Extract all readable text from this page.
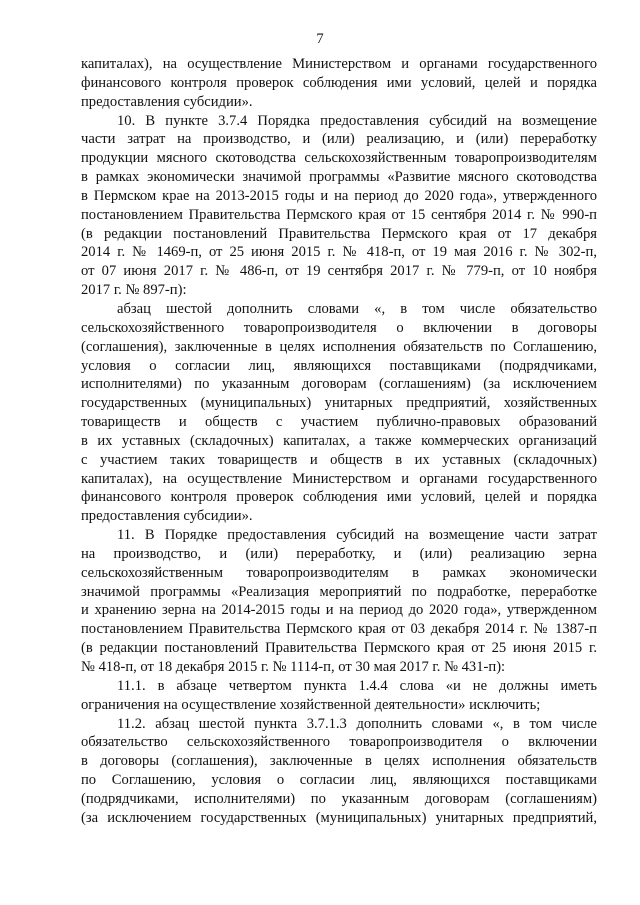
7
капиталах), на осуществление Министерством и органами государственного
финансового контроля проверок соблюдения ими условий, целей и порядка
предоставления субсидии».
10. В пункте 3.7.4 Порядка предоставления субсидий на возмещение
части затрат на производство, и (или) реализацию, и (или) переработку
продукции мясного скотоводства сельскохозяйственным товаропроизводителям
в рамках экономически значимой программы «Развитие мясного скотоводства
в Пермском крае на 2013-2015 годы и на период до 2020 года», утвержденного
постановлением Правительства Пермского края от 15 сентября 2014 г. № 990-п
(в редакции постановлений Правительства Пермского края от 17 декабря
2014 г. № 1469-п, от 25 июня 2015 г. № 418-п, от 19 мая 2016 г. № 302-п,
от 07 июня 2017 г. № 486-п, от 19 сентября 2017 г. № 779-п, от 10 ноября
2017 г. № 897-п):
абзац шестой дополнить словами «, в том числе обязательство
сельскохозяйственного товаропроизводителя о включении в договоры
(соглашения), заключенные в целях исполнения обязательств по Соглашению,
условия о согласии лиц, являющихся поставщиками (подрядчиками,
исполнителями) по указанным договорам (соглашениям) (за исключением
государственных (муниципальных) унитарных предприятий, хозяйственных
товариществ и обществ с участием публично-правовых образований
в их уставных (складочных) капиталах, а также коммерческих организаций
с участием таких товариществ и обществ в их уставных (складочных)
капиталах), на осуществление Министерством и органами государственного
финансового контроля проверок соблюдения ими условий, целей и порядка
предоставления субсидии».
11. В Порядке предоставления субсидий на возмещение части затрат
на производство, и (или) переработку, и (или) реализацию зерна
сельскохозяйственным товаропроизводителям в рамках экономически
значимой программы «Реализация мероприятий по подработке, переработке
и хранению зерна на 2014-2015 годы и на период до 2020 года», утвержденном
постановлением Правительства Пермского края от 03 декабря 2014 г. № 1387-п
(в редакции постановлений Правительства Пермского края от 25 июня 2015 г.
№ 418-п, от 18 декабря 2015 г. № 1114-п, от 30 мая 2017 г. № 431-п):
11.1. в абзаце четвертом пункта 1.4.4 слова «и не должны иметь
ограничения на осуществление хозяйственной деятельности» исключить;
11.2. абзац шестой пункта 3.7.1.3 дополнить словами «, в том числе
обязательство сельскохозяйственного товаропроизводителя о включении
в договоры (соглашения), заключенные в целях исполнения обязательств
по Соглашению, условия о согласии лиц, являющихся поставщиками
(подрядчиками, исполнителями) по указанным договорам (соглашениям)
(за исключением государственных (муниципальных) унитарных предприятий,
